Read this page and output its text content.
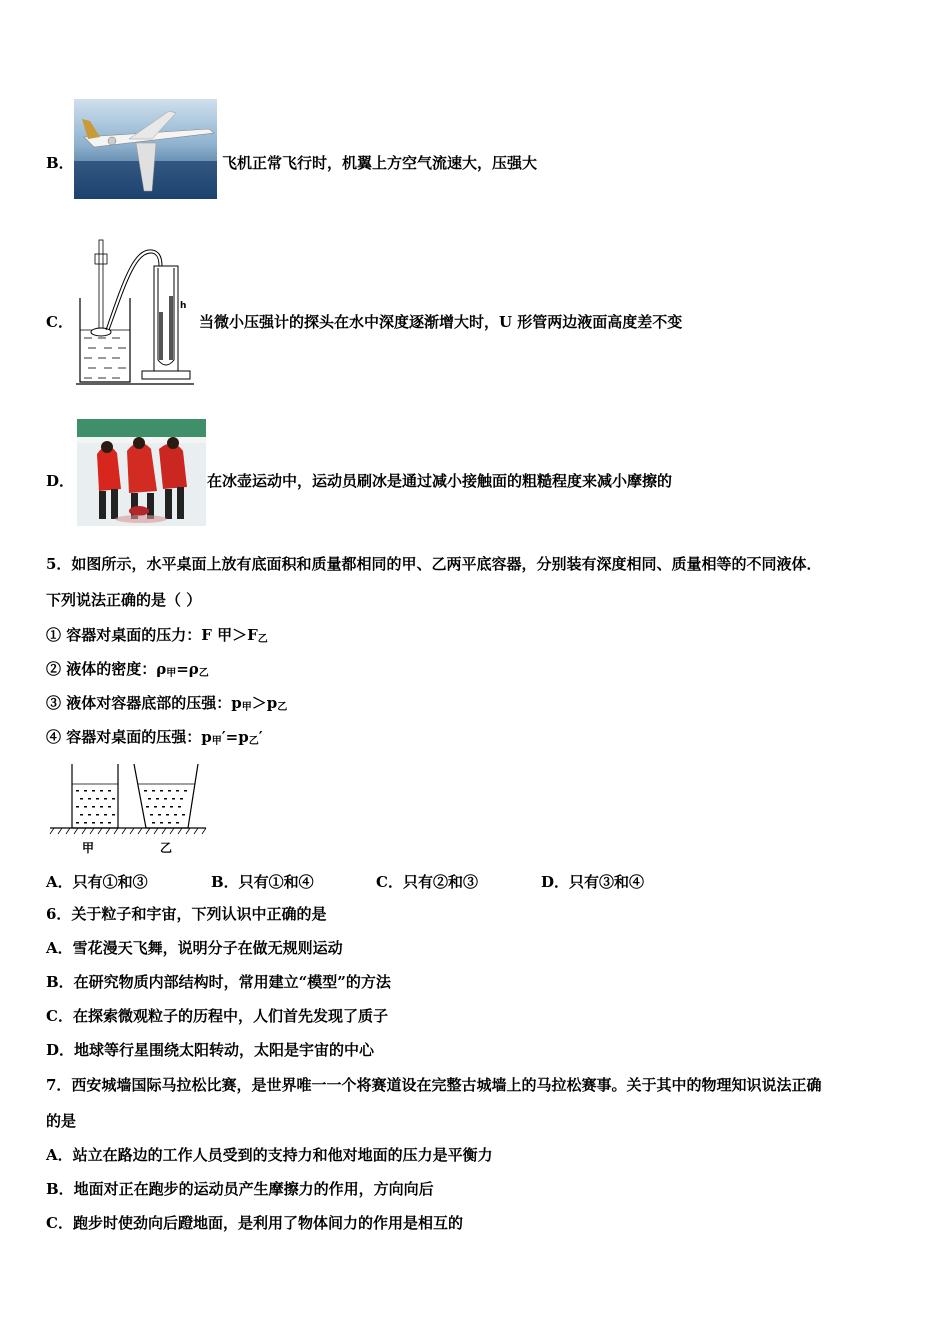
B．	飞机正常飞行时，机翼上方空气流速大，压强大
C．
h
当微小压强计的探头在水中深度逐渐增大时，U 形管两边液面高度差不变
D．	在冰壶运动中，运动员刷冰是通过减小接触面的粗糙程度来减小摩擦的
5．如图所示，水平桌面上放有底面积和质量都相同的甲、乙两平底容器，分别装有深度相同、质量相等的不同液体．
下列说法正确的是（ ）
① 容器对桌面的压力：F 甲$>F_乙$
② 液体的密度：$\rho_甲=\rho_乙$
③ 液体对容器底部的压强：$p_甲>p_乙$
④ 容器对桌面的压强：$p_甲'=p_乙'$
甲	乙
A．只有①和③	B．只有①和④	C．只有②和③	D．只有③和④
6．关于粒子和宇宙，下列认识中正确的是
A．雪花漫天飞舞，说明分子在做无规则运动
B．在研究物质内部结构时，常用建立“模型”的方法
C．在探索微观粒子的历程中，人们首先发现了质子
D．地球等行星围绕太阳转动，太阳是宇宙的中心
7．西安城墙国际马拉松比赛，是世界唯一一个将赛道设在完整古城墙上的马拉松赛事。关于其中的物理知识说法正确
的是
A．站立在路边的工作人员受到的支持力和他对地面的压力是平衡力
B．地面对正在跑步的运动员产生摩擦力的作用，方向向后
C．跑步时使劲向后蹬地面，是利用了物体间力的作用是相互的
